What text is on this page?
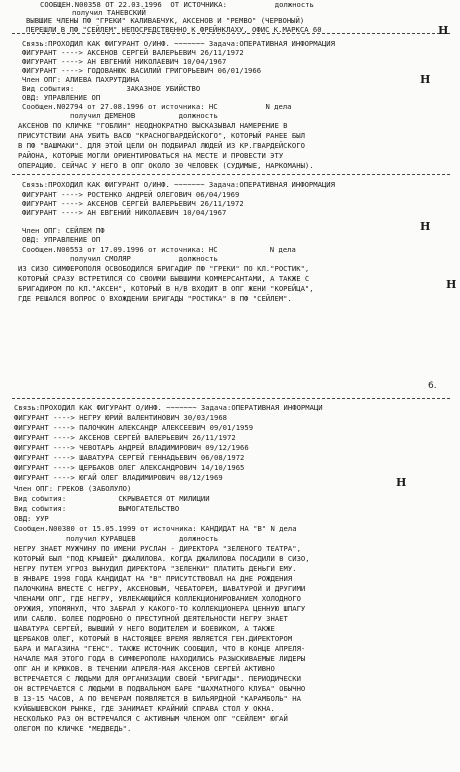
6.
СООБЩЕН.N00358 ОТ 22.03.1996  ОТ ИСТОЧНИКА:           должность
получил ТАНЕВСКИЙ
ВЫВШИЕ ЧЛЕНЫ ПФ "ГРЕКИ" КАЛИВАБЧУК, АКСЕНОВ И "РЕМВО" (ЧЕРВОНЫЙ)
ПЕРЕШЛИ В ПФ "СЕЙЛЕМ" НЕПОСРЕДСТВЕННО К ФРЕЙНКЛАХУ, ОФИС К.МАРКСА 60
Связь:ПРОХОДИЛ КАК ФИГУРАНТ О/ИНФ. ~~~~~~~ Задача:ОПЕРАТИВНАЯ ИНФОРМАЦИЯ
ФИГУРАНТ ----> АКСЕНОВ СЕРГЕЙ ВАЛЕРЬЕВИЧ 26/11/1972
ФИГУРАНТ ----> АН ЕВГЕНИЙ НИКОЛАЕВИЧ 10/04/1967
ФИГУРАНТ ----> ГОДОВАНЮК ВАСИЛИЙ ГРИГОРЬЕВИЧ 06/01/1966
Член ОПГ: АЛИЕВА ПАХРУТДИНА
Вид события:            ЗАКАЗНОЕ УБИЙСТВО
ОВД: УПРАВЛЕНИЕ ОП
Сообщен.N02794 от 27.08.1996 от источника: НС           N дела
получил ДЕМЕНОВ          должность
АКСЕНОВ ПО КЛИЧКЕ "ГОБЛИН" НЕОДНОКРАТНО ВЫСКАЗЫВАЛ НАМЕРЕНИЕ В
ПРИСУТСТВИИ АНА УБИТЬ ВАСЮ "КРАСНОГВАРДЕЙСКОГО", КОТОРЫЙ РАНЕЕ БЫЛ
В ПФ "ВАШМАКИ". ДЛЯ ЭТОЙ ЦЕЛИ ОН ПОДБИРАЛ ЛЮДЕЙ ИЗ КР.ГВАРДЕЙСКОГО
РАЙОНА, КОТОРЫЕ МОГЛИ ОРИЕНТИРОВАТЬСЯ НА МЕСТЕ И ПРОВЕСТИ ЭТУ
ОПЕРАЦИЮ. СЕЙЧАС У НЕГО В ОПГ ОКОЛО 30 ЧЕЛОВЕК (СУДИМЫЕ, НАРКОМАНЫ).
Связь:ПРОХОДИЛ КАК ФИГУРАНТ О/ИНФ. ~~~~~~~ Задача:ОПЕРАТИВНАЯ ИНФОРМАЦИЯ
ФИГУРАНТ ----> РОСТЕНКО АНДРЕЙ ОЛЕГОВИЧ 06/04/1969
ФИГУРАНТ ----> АКСЕНОВ СЕРГЕЙ ВАЛЕРЬЕВИЧ 26/11/1972
ФИГУРАНТ ----> АН ЕВГЕНИЙ НИКОЛАЕВИЧ 10/04/1967
Член ОПГ: СЕЙЛЕМ ПФ
ОВД: УПРАВЛЕНИЕ ОП
Сообщен.N00553 от 17.09.1996 от источника: НС            N дела
получил СМОЛЯР           должность
ИЗ СИЗО СИМФЕРОПОЛЯ ОСВОБОДИЛСЯ БРИГАДИР ПФ "ГРЕКИ" ПО КЛ."РОСТИК",
КОТОРЫЙ СРАЗУ ВСТРЕТИЛСЯ СО СВОИМИ БЫВШИМИ КОММЕРСАНТАМИ, А ТАКЖЕ С
БРИГАДИРОМ ПО КЛ."АКСЕН", КОТОРЫЙ В Н/В ВХОДИТ В ОПГ ЖЕНИ "КОРЕЙЦА",
ГДЕ РЕШАЛСЯ ВОПРОС О ВХОЖДЕНИИ БРИГАДЫ "РОСТИКА" В ПФ "СЕЙЛЕМ".
Связь:ПРОХОДИЛ КАК ФИГУРАНТ О/ИНФ. ~~~~~~~ Задача:ОПЕРАТИВНАЯ ИНФОРМАЦИ
ФИГУРАНТ ----> НЕГРУ ЮРИЙ ВАЛЕНТИНОВИЧ 30/03/1968
ФИГУРАНТ ----> ПАЛОЧКИН АЛЕКСАНДР АЛЕКСЕЕВИЧ 09/01/1959
ФИГУРАНТ ----> АКСЕНОВ СЕРГЕЙ ВАЛЕРЬЕВИЧ 26/11/1972
ФИГУРАНТ ----> ЧЕВОТАРЬ АНДРЕЙ ВЛАДИМИРОВИЧ 09/12/1966
ФИГУРАНТ ----> ШАВАТУРА СЕРГЕЙ ГЕННАДЬЕВИЧ 06/08/1972
ФИГУРАНТ ----> ЩЕРБАКОВ ОЛЕГ АЛЕКСАНДРОВИЧ 14/10/1965
ФИГУРАНТ ----> ЮГАЙ ОЛЕГ ВЛАДИМИРОВИЧ 08/12/1969
Член ОПГ: ГРЕКОВ (ЗАБОЛУЛО)
Вид события:            СКРЫВАЕТСЯ ОТ МИЛИЦИИ
Вид события:            ВЫМОГАТЕЛЬСТВО
ОВД: УУР
Сообщен.N00380 от 15.05.1999 от источника: КАНДИДАТ НА "В" N дела
получил КУРАВЦЕВ          должность
НЕГРУ ЗНАЕТ МУЖЧИНУ ПО ИМЕНИ РУСЛАН - ДИРЕКТОРА "ЗЕЛЕНОГО ТЕАТРА",
КОТОРЫЙ БЫЛ "ПОД КРЫШЕЙ" ДЖАЛИЛОВА. КОГДА ДЖАЛИЛОВА ПОСАДИЛИ В СИЗО,
НЕГРУ ПУТЕМ УГРОЗ ВЫНУДИЛ ДИРЕКТОРА "ЗЕЛЕНКИ" ПЛАТИТЬ ДЕНЬГИ ЕМУ.
В ЯНВАРЕ 1998 ГОДА КАНДИДАТ НА "В" ПРИСУТСТВОВАЛ НА ДНЕ РОЖДЕНИЯ
ПАЛОЧКИНА ВМЕСТЕ С НЕГРУ, АКСЕНОВЫМ, ЧЕБАТОРЕМ, ШАВАТУРОЙ И ДРУГИМИ
ЧЛЕНАМИ ОПГ, ГДЕ НЕГРУ, УВЛЕКАЮЩИЙСЯ КОЛЛЕКЦИОНИРОВАНИЕМ ХОЛОДНОГО
ОРУЖИЯ, УПОМЯНУЛ, ЧТО ЗАБРАЛ У КАКОГО-ТО КОЛЛЕКЦИОНЕРА ЦЕННУЮ ШПАГУ
ИЛИ САБЛЮ. БОЛЕЕ ПОДРОБНО О ПРЕСТУПНОЙ ДЕЯТЕЛЬНОСТИ НЕГРУ ЗНАЕТ
ШАВАТУРА СЕРГЕЙ, ВЫВШИЙ У НЕГО ВОДИТЕЛЕМ И БОЕВИКОМ, А ТАКЖЕ
ЩЕРБАКОВ ОЛЕГ, КОТОРЫЙ В НАСТОЯЩЕЕ ВРЕМЯ ЯВЛЯЕТСЯ ГЕН.ДИРЕКТОРОМ
БАРА И МАГАЗИНА "ГЕНС". ТАКЖЕ ИСТОЧНИК СООБЩИЛ, ЧТО В КОНЦЕ АПРЕЛЯ-
НАЧАЛЕ МАЯ ЭТОГО ГОДА В СИМФЕРОПОЛЕ НАХОДИЛИСЬ РАЗЫСКИВАЕМЫЕ ЛИДЕРЫ
ОПГ АН И КРЮКОВ. В ТЕЧЕНИИ АПРЕЛЯ-МАЯ АКСЕНОВ СЕРГЕЙ АКТИВНО
ВСТРЕЧАЕТСЯ С ЛЮДЬМИ ДЛЯ ОРГАНИЗАЦИИ СВОЕЙ "БРИГАДЫ". ПЕРИОДИЧЕСКИ
ОН ВСТРЕЧАЕТСЯ С ЛЮДЬМИ В ПОДВАЛЬНОМ БАРЕ "ШАХМАТНОГО КЛУБА" ОБЫЧНО
В 13-15 ЧАСОВ, А ПО ВЕЧЕРАМ ПОЯВЛЯЕТСЯ В БИЛЬЯРДНОЙ "КАРАМБОЛЬ" НА
КУЙБЫШЕВСКОМ РЫНКЕ, ГДЕ ЗАНИМАЕТ КРАЙНИЙ СПРАВА СТОЛ У ОКНА.
НЕСКОЛЬКО РАЗ ОН ВСТРЕЧАЛСЯ С АКТИВНЫМ ЧЛЕНОМ ОПГ "СЕЙЛЕМ" ЮГАЙ
ОЛЕГОМ ПО КЛИЧКЕ "МЕДВЕДЬ".
Н
Н
Н
Н
Н
